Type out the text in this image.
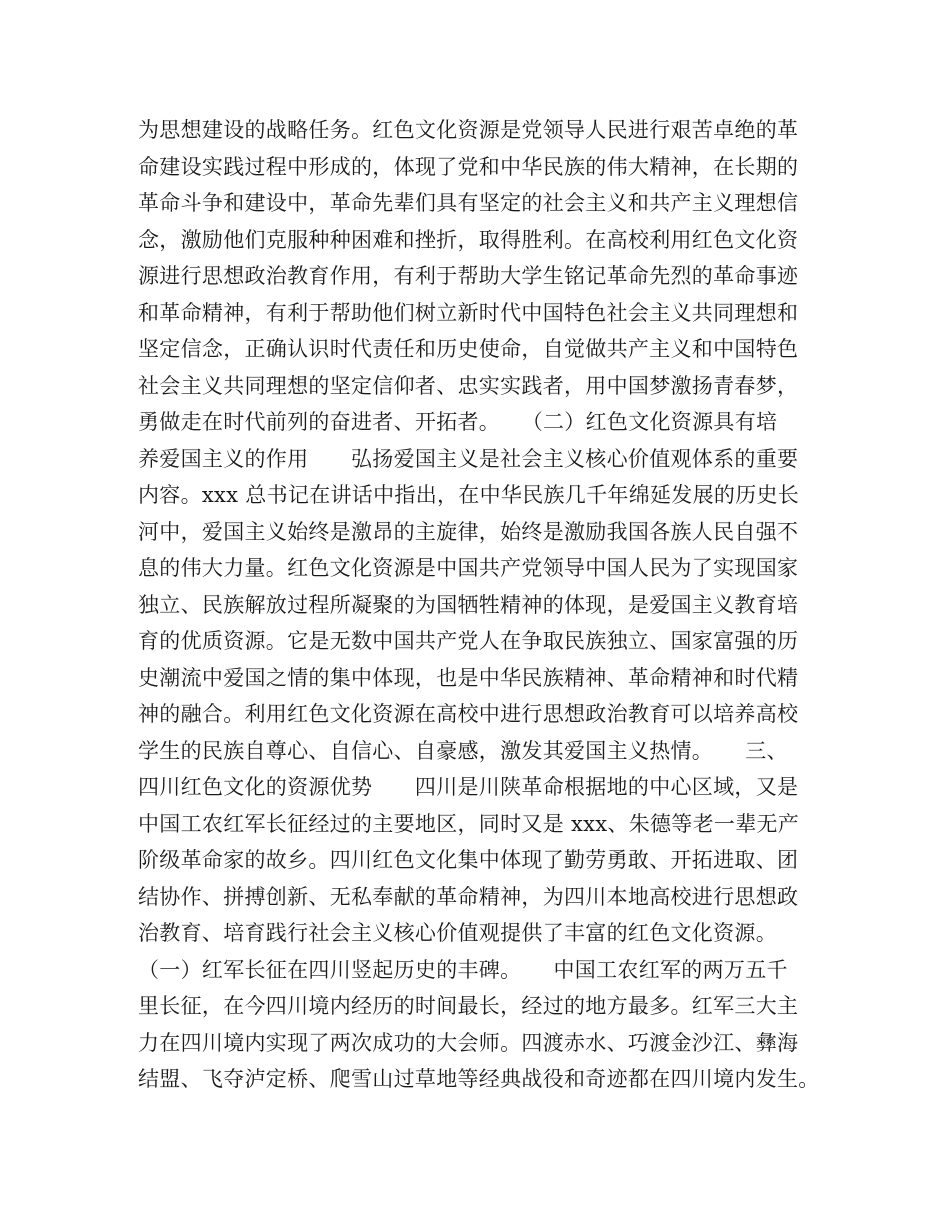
为思想建设的战略任务。红色文化资源是党领导人民进行艰苦卓绝的革
命建设实践过程中形成的，体现了党和中华民族的伟大精神，在长期的
革命斗争和建设中，革命先辈们具有坚定的社会主义和共产主义理想信
念，激励他们克服种种困难和挫折，取得胜利。在高校利用红色文化资
源进行思想政治教育作用，有利于帮助大学生铭记革命先烈的革命事迹
和革命精神，有利于帮助他们树立新时代中国特色社会主义共同理想和
坚定信念，正确认识时代责任和历史使命，自觉做共产主义和中国特色
社会主义共同理想的坚定信仰者、忠实实践者，用中国梦激扬青春梦，
勇做走在时代前列的奋进者、开拓者。　　（二）红色文化资源具有培
养爱国主义的作用　　弘扬爱国主义是社会主义核心价值观体系的重要
内容。xxx 总书记在讲话中指出，在中华民族几千年绵延发展的历史长
河中，爱国主义始终是激昂的主旋律，始终是激励我国各族人民自强不
息的伟大力量。红色文化资源是中国共产党领导中国人民为了实现国家
独立、民族解放过程所凝聚的为国牺牲精神的体现，是爱国主义教育培
育的优质资源。它是无数中国共产党人在争取民族独立、国家富强的历
史潮流中爱国之情的集中体现，也是中华民族精神、革命精神和时代精
神的融合。利用红色文化资源在高校中进行思想政治教育可以培养高校
学生的民族自尊心、自信心、自豪感，激发其爱国主义热情。　　三、
四川红色文化的资源优势　　四川是川陕革命根据地的中心区域，又是
中国工农红军长征经过的主要地区，同时又是 xxx、朱德等老一辈无产
阶级革命家的故乡。四川红色文化集中体现了勤劳勇敢、开拓进取、团
结协作、拼搏创新、无私奉献的革命精神，为四川本地高校进行思想政
治教育、培育践行社会主义核心价值观提供了丰富的红色文化资源。
（一）红军长征在四川竖起历史的丰碑。　　中国工农红军的两万五千
里长征，在今四川境内经历的时间最长，经过的地方最多。红军三大主
力在四川境内实现了两次成功的大会师。四渡赤水、巧渡金沙江、彝海
结盟、飞夺泸定桥、爬雪山过草地等经典战役和奇迹都在四川境内发生。
